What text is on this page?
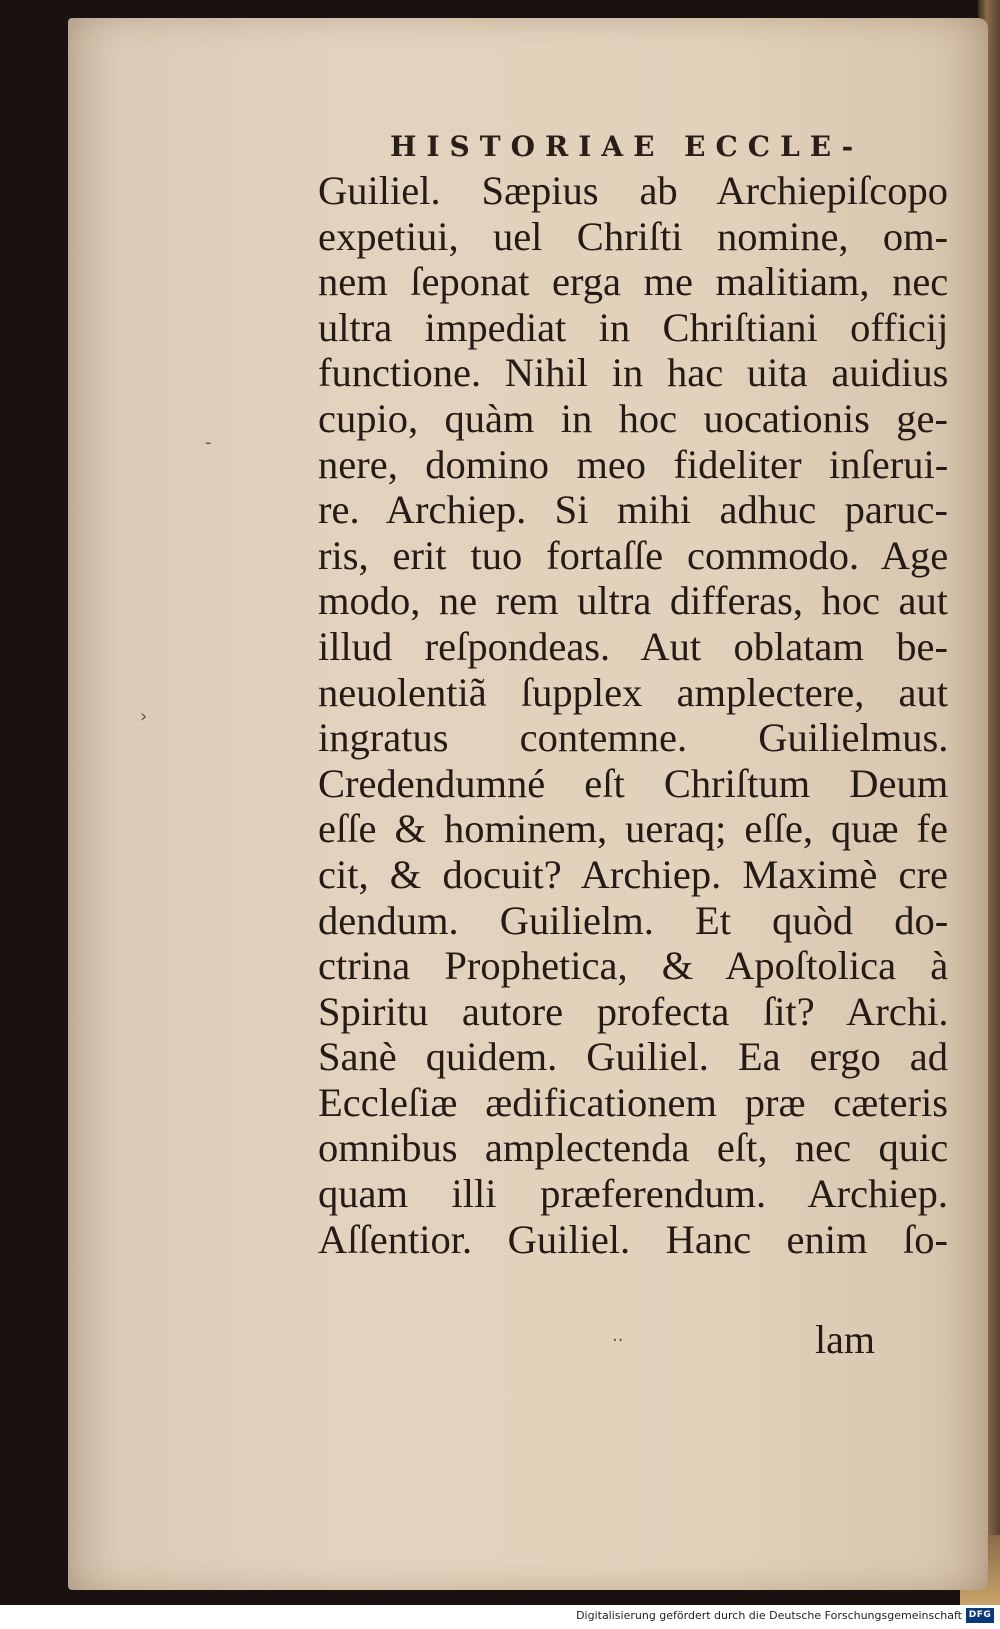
HISTORIAE ECCLE-
Guiliel. Sæpius ab Archiepiſcopo
expetiui, uel Chriſti nomine, om-
nem ſeponat erga me malitiam, nec
ultra impediat in Chriſtiani officij
functione. Nihil in hac uita auidius
cupio, quàm in hoc uocationis ge-
nere, domino meo fideliter inſerui-
re. Archiep. Si mihi adhuc paruc-
ris, erit tuo fortaſſe commodo. Age
modo, ne rem ultra differas, hoc aut
illud reſpondeas. Aut oblatam be-
neuolentiã ſupplex amplectere, aut
ingratus contemne. Guilielmus.
Credendumné eſt Chriſtum Deum
eſſe & hominem, ueraq; eſſe, quæ fe
cit, & docuit? Archiep. Maximè cre
dendum. Guilielm. Et quòd do-
ctrina Prophetica, & Apoſtolica à
Spiritu autore profecta ſit? Archi.
Sanè quidem. Guiliel. Ea ergo ad
Eccleſiæ ædificationem præ cæteris
omnibus amplectenda eſt, nec quic
quam illi præferendum. Archiep.
Aſſentior. Guiliel. Hanc enim ſo-
lam
-
›
··
Digitalisierung gefördert durch die Deutsche Forschungsgemeinschaft DFG
